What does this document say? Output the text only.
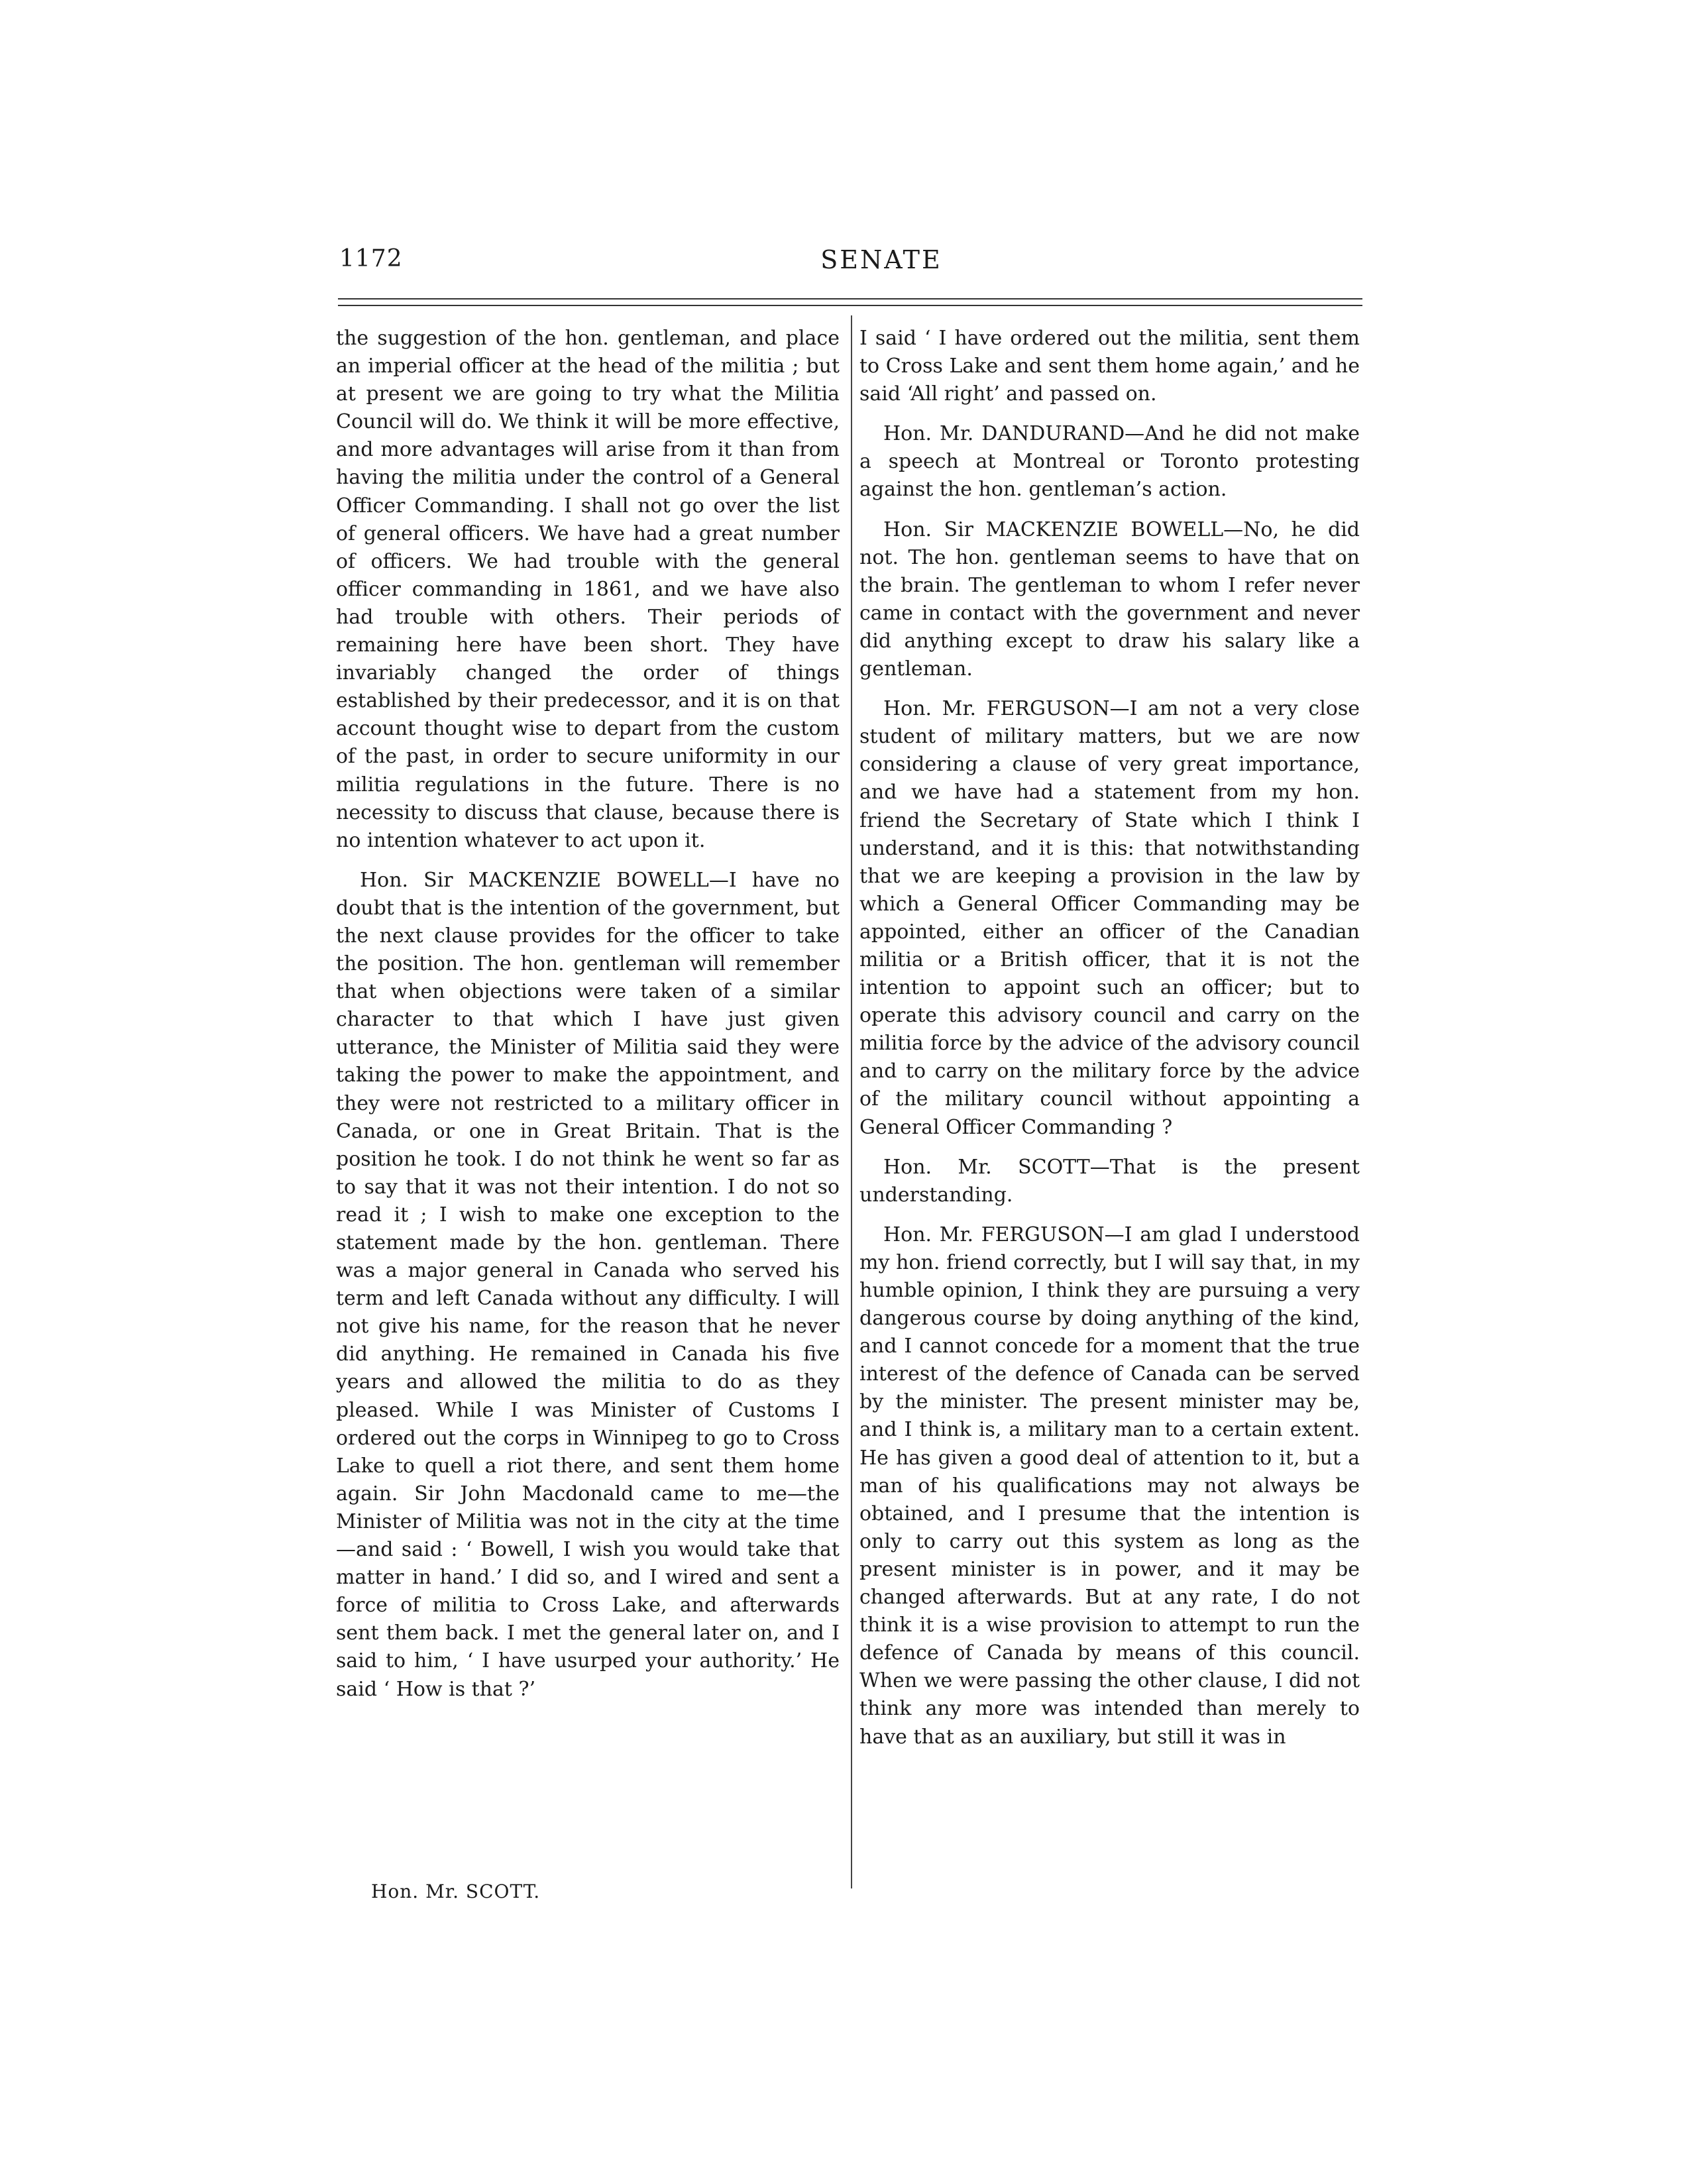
1172	SENATE

the suggestion of the hon. gentleman, and place an imperial officer at the head of the militia ; but at present we are going to try what the Militia Council will do. We think it will be more effective, and more advantages will arise from it than from having the militia under the control of a General Officer Commanding. I shall not go over the list of general officers. We have had a great number of officers. We had trouble with the general officer commanding in 1861, and we have also had trouble with others. Their periods of remaining here have been short. They have invariably changed the order of things established by their predecessor, and it is on that account thought wise to depart from the custom of the past, in order to secure uniformity in our militia regulations in the future. There is no necessity to discuss that clause, because there is no intention whatever to act upon it.

Hon. Sir MACKENZIE BOWELL—I have no doubt that is the intention of the government, but the next clause provides for the officer to take the position. The hon. gentleman will remember that when objections were taken of a similar character to that which I have just given utterance, the Minister of Militia said they were taking the power to make the appointment, and they were not restricted to a military officer in Canada, or one in Great Britain. That is the position he took. I do not think he went so far as to say that it was not their intention. I do not so read it ; I wish to make one exception to the statement made by the hon. gentleman. There was a major general in Canada who served his term and left Canada without any difficulty. I will not give his name, for the reason that he never did anything. He remained in Canada his five years and allowed the militia to do as they pleased. While I was Minister of Customs I ordered out the corps in Winnipeg to go to Cross Lake to quell a riot there, and sent them home again. Sir John Macdonald came to me—the Minister of Militia was not in the city at the time—and said : ‘ Bowell, I wish you would take that matter in hand.’ I did so, and I wired and sent a force of militia to Cross Lake, and afterwards sent them back. I met the general later on, and I said to him, ‘ I have usurped your authority.’ He said ‘ How is that ?’

I said ‘ I have ordered out the militia, sent them to Cross Lake and sent them home again,’ and he said ‘All right’ and passed on.

Hon. Mr. DANDURAND—And he did not make a speech at Montreal or Toronto protesting against the hon. gentleman’s action.

Hon. Sir MACKENZIE BOWELL—No, he did not. The hon. gentleman seems to have that on the brain. The gentleman to whom I refer never came in contact with the government and never did anything except to draw his salary like a gentleman.

Hon. Mr. FERGUSON—I am not a very close student of military matters, but we are now considering a clause of very great importance, and we have had a statement from my hon. friend the Secretary of State which I think I understand, and it is this: that notwithstanding that we are keeping a provision in the law by which a General Officer Commanding may be appointed, either an officer of the Canadian militia or a British officer, that it is not the intention to appoint such an officer; but to operate this advisory council and carry on the militia force by the advice of the advisory council and to carry on the military force by the advice of the military council without appointing a General Officer Commanding ?

Hon. Mr. SCOTT—That is the present understanding.

Hon. Mr. FERGUSON—I am glad I understood my hon. friend correctly, but I will say that, in my humble opinion, I think they are pursuing a very dangerous course by doing anything of the kind, and I cannot concede for a moment that the true interest of the defence of Canada can be served by the minister. The present minister may be, and I think is, a military man to a certain extent. He has given a good deal of attention to it, but a man of his qualifications may not always be obtained, and I presume that the intention is only to carry out this system as long as the present minister is in power, and it may be changed afterwards. But at any rate, I do not think it is a wise provision to attempt to run the defence of Canada by means of this council. When we were passing the other clause, I did not think any more was intended than merely to have that as an auxiliary, but still it was in

Hon. Mr. SCOTT.
